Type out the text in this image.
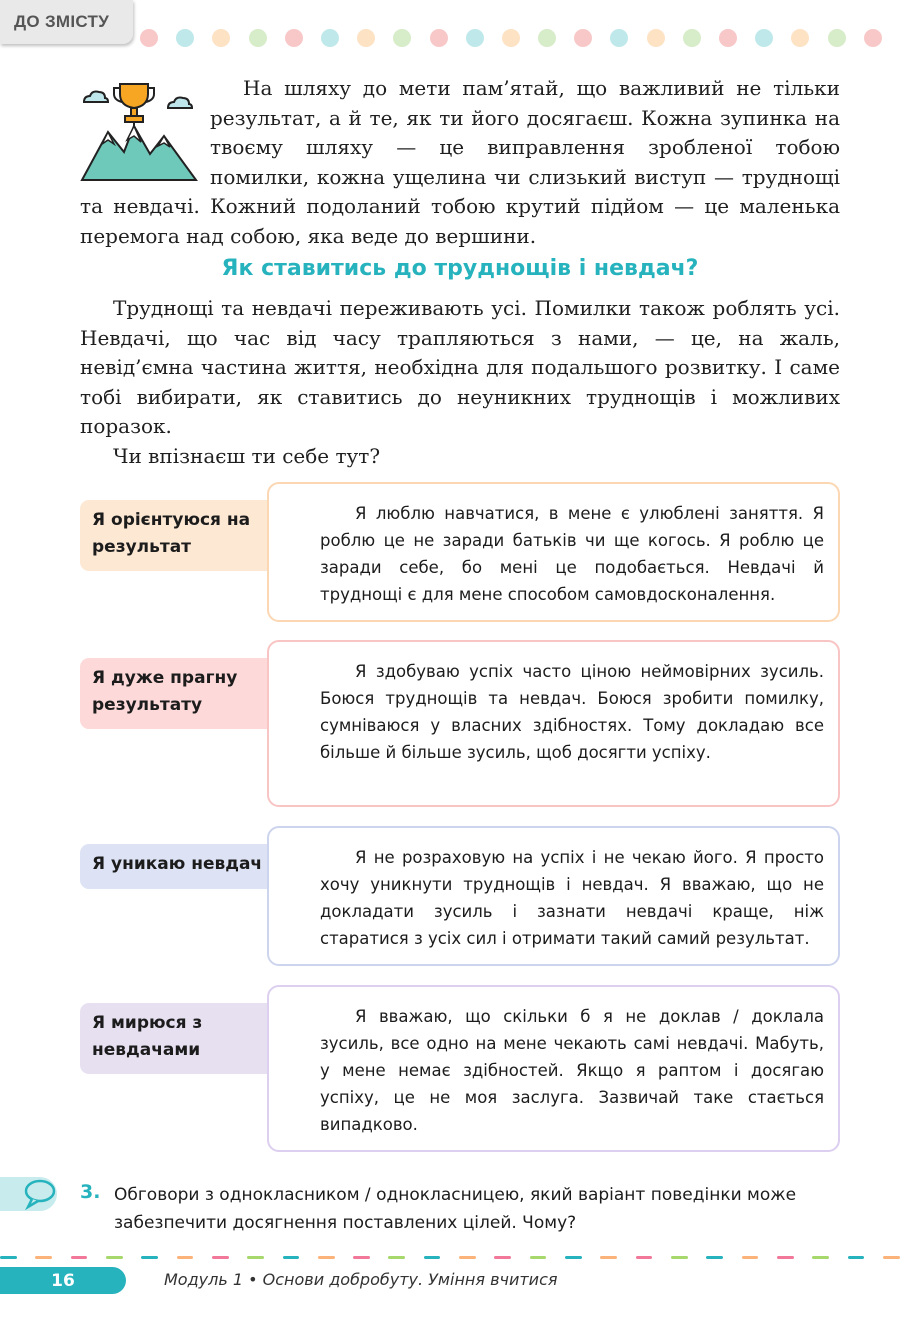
ДО ЗМІСТУ

На шляху до мети пам’ятай, що важливий не тільки результат, а й те, як ти його досягаєш. Кожна зупинка на твоєму шляху — це виправлення зробленої тобою помилки, кожна ущелина чи слизький виступ — труднощі та невдачі. Кожний подоланий тобою крутий підйом — це маленька перемога над собою, яка веде до вершини.

Як ставитись до труднощів і невдач?

Труднощі та невдачі переживають усі. Помилки також роблять усі. Невдачі, що час від часу трапляються з нами, — це, на жаль, невід’ємна частина життя, необхідна для подальшого розвитку. І саме тобі вибирати, як ставитись до неуникних труднощів і можливих поразок.

Чи впізнаєш ти себе тут?

Я орієнтуюся на результат
Я люблю навчатися, в мене є улюблені заняття. Я роблю це не заради батьків чи ще когось. Я роблю це заради себе, бо мені це подобається. Невдачі й труднощі є для мене способом самовдосконалення.
Я дуже прагну результату
Я здобуваю успіх часто ціною неймовірних зусиль. Боюся труднощів та невдач. Боюся зробити помилку, сумніваюся у власних здібностях. Тому докладаю все більше й більше зусиль, щоб досягти успіху.
Я уникаю невдач	Я не розраховую на успіх і не чекаю його. Я просто хочу уникнути труднощів і невдач. Я вважаю, що не докладати зусиль і зазнати невдачі краще, ніж старатися з усіх сил і отримати такий самий результат.
Я мирюся з невдачами
Я вважаю, що скільки б я не доклав / доклала зусиль, все одно на мене чекають самі невдачі. Мабуть, у мене немає здібностей. Якщо я раптом і досягаю успіху, це не моя заслуга. Зазвичай таке стається випадково.
3. Обговори з однокласником / однокласницею, який варіант поведінки може забезпечити досягнення поставлених цілей. Чому?
16	Модуль 1 • Основи добробуту. Уміння вчитися
